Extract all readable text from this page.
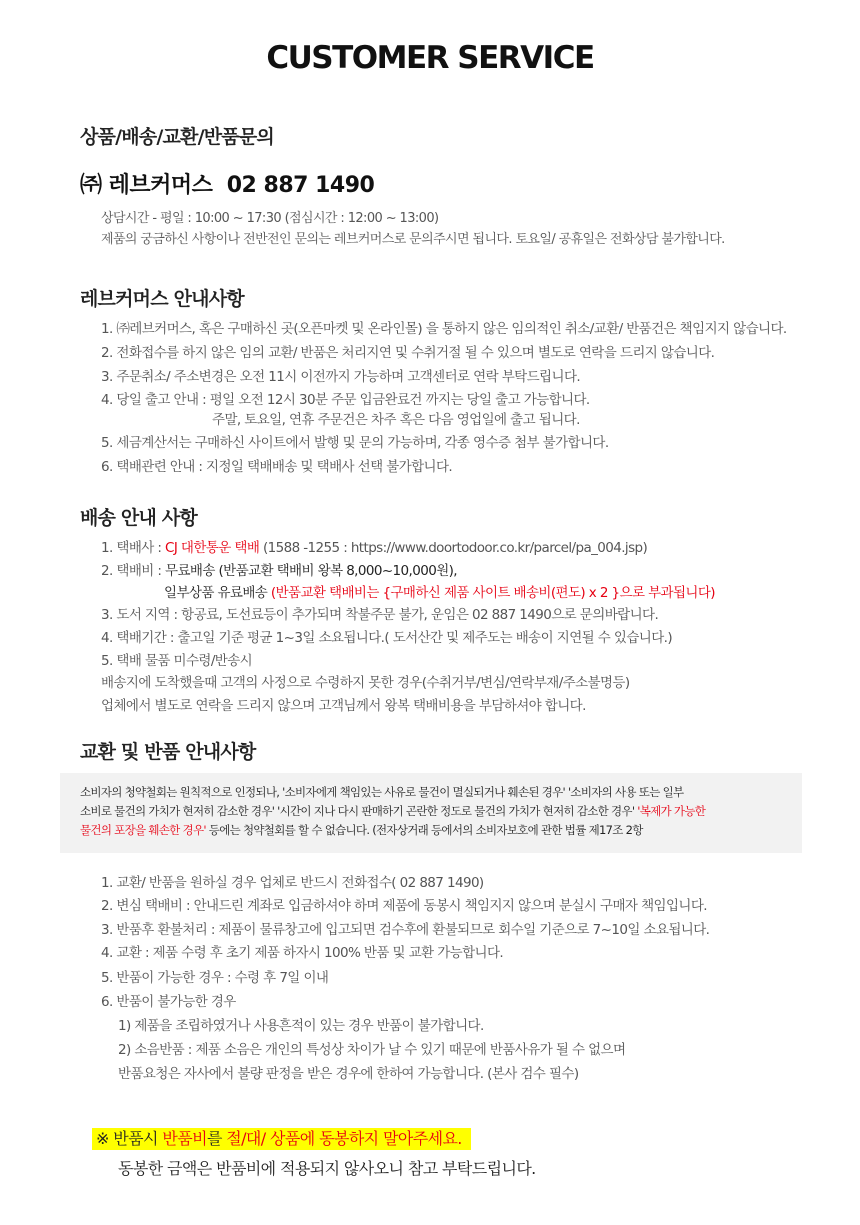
CUSTOMER SERVICE
상품/배송/교환/반품문의
㈜ 레브커머스 02 887 1490
상담시간 - 평일 : 10:00 ~ 17:30 (점심시간 : 12:00 ~ 13:00)
제품의 궁금하신 사항이나 전반전인 문의는 레브커머스로 문의주시면 됩니다. 토요일/ 공휴일은 전화상담 불가합니다.
레브커머스 안내사항
1. ㈜레브커머스, 혹은 구매하신 곳(오픈마켓 및 온라인몰) 을 통하지 않은 임의적인 취소/교환/ 반품건은 책임지지 않습니다.
2. 전화접수를 하지 않은 임의 교환/ 반품은 처리지연 및 수취거절 될 수 있으며 별도로 연락을 드리지 않습니다.
3. 주문취소/ 주소변경은 오전 11시 이전까지 가능하며 고객센터로 연락 부탁드립니다.
4. 당일 출고 안내 : 평일 오전 12시 30분 주문 입금완료건 까지는 당일 출고 가능합니다.
주말, 토요일, 연휴 주문건은 차주 혹은 다음 영업일에 출고 됩니다.
5. 세금계산서는 구매하신 사이트에서 발행 및 문의 가능하며, 각종 영수증 첨부 불가합니다.
6. 택배관련 안내 : 지정일 택배배송 및 택배사 선택 불가합니다.
배송 안내 사항
1. 택배사 : CJ 대한통운 택배 (1588 -1255 : https://www.doortodoor.co.kr/parcel/pa_004.jsp)
2. 택배비 : 무료배송 (반품교환 택배비 왕복 8,000~10,000원),
일부상품 유료배송 (반품교환 택배비는 {구매하신 제품 사이트 배송비(편도) x 2 }으로 부과됩니다)
3. 도서 지역 : 항공료, 도선료등이 추가되며 착불주문 불가, 운임은 02 887 1490으로 문의바랍니다.
4. 택배기간 : 출고일 기준 평균 1~3일 소요됩니다.( 도서산간 및 제주도는 배송이 지연될 수 있습니다.)
5. 택배 물품 미수령/반송시
배송지에 도착했을때 고객의 사정으로 수령하지 못한 경우(수취거부/변심/연락부재/주소불명등)
업체에서 별도로 연락을 드리지 않으며 고객님께서 왕복 택배비용을 부담하셔야 합니다.
교환 및 반품 안내사항
소비자의 청약철회는 원칙적으로 인정되나, '소비자에게 책임있는 사유로 물건이 멸실되거나 훼손된 경우' '소비자의 사용 또는 일부
소비로 물건의 가치가 현저히 감소한 경우' '시간이 지나 다시 판매하기 곤란한 정도로 물건의 가치가 현저히 감소한 경우' '복제가 가능한
물건의 포장을 훼손한 경우' 등에는 청약철회를 할 수 없습니다. (전자상거래 등에서의 소비자보호에 관한 법률 제17조 2항
1. 교환/ 반품을 원하실 경우 업체로 반드시 전화접수( 02 887 1490)
2. 변심 택배비 : 안내드린 계좌로 입금하셔야 하며 제품에 동봉시 책임지지 않으며 분실시 구매자 책임입니다.
3. 반품후 환불처리 : 제품이 물류창고에 입고되면 검수후에 환불되므로 회수일 기준으로 7~10일 소요됩니다.
4. 교환 : 제품 수령 후 초기 제품 하자시 100% 반품 및 교환 가능합니다.
5. 반품이 가능한 경우 : 수령 후 7일 이내
6. 반품이 불가능한 경우
1) 제품을 조립하였거나 사용흔적이 있는 경우 반품이 불가합니다.
2) 소음반품 : 제품 소음은 개인의 특성상 차이가 날 수 있기 때문에 반품사유가 될 수 없으며
반품요청은 자사에서 불량 판정을 받은 경우에 한하여 가능합니다. (본사 검수 필수)
※ 반품시 반품비를 절/대/ 상품에 동봉하지 말아주세요.
동봉한 금액은 반품비에 적용되지 않사오니 참고 부탁드립니다.
